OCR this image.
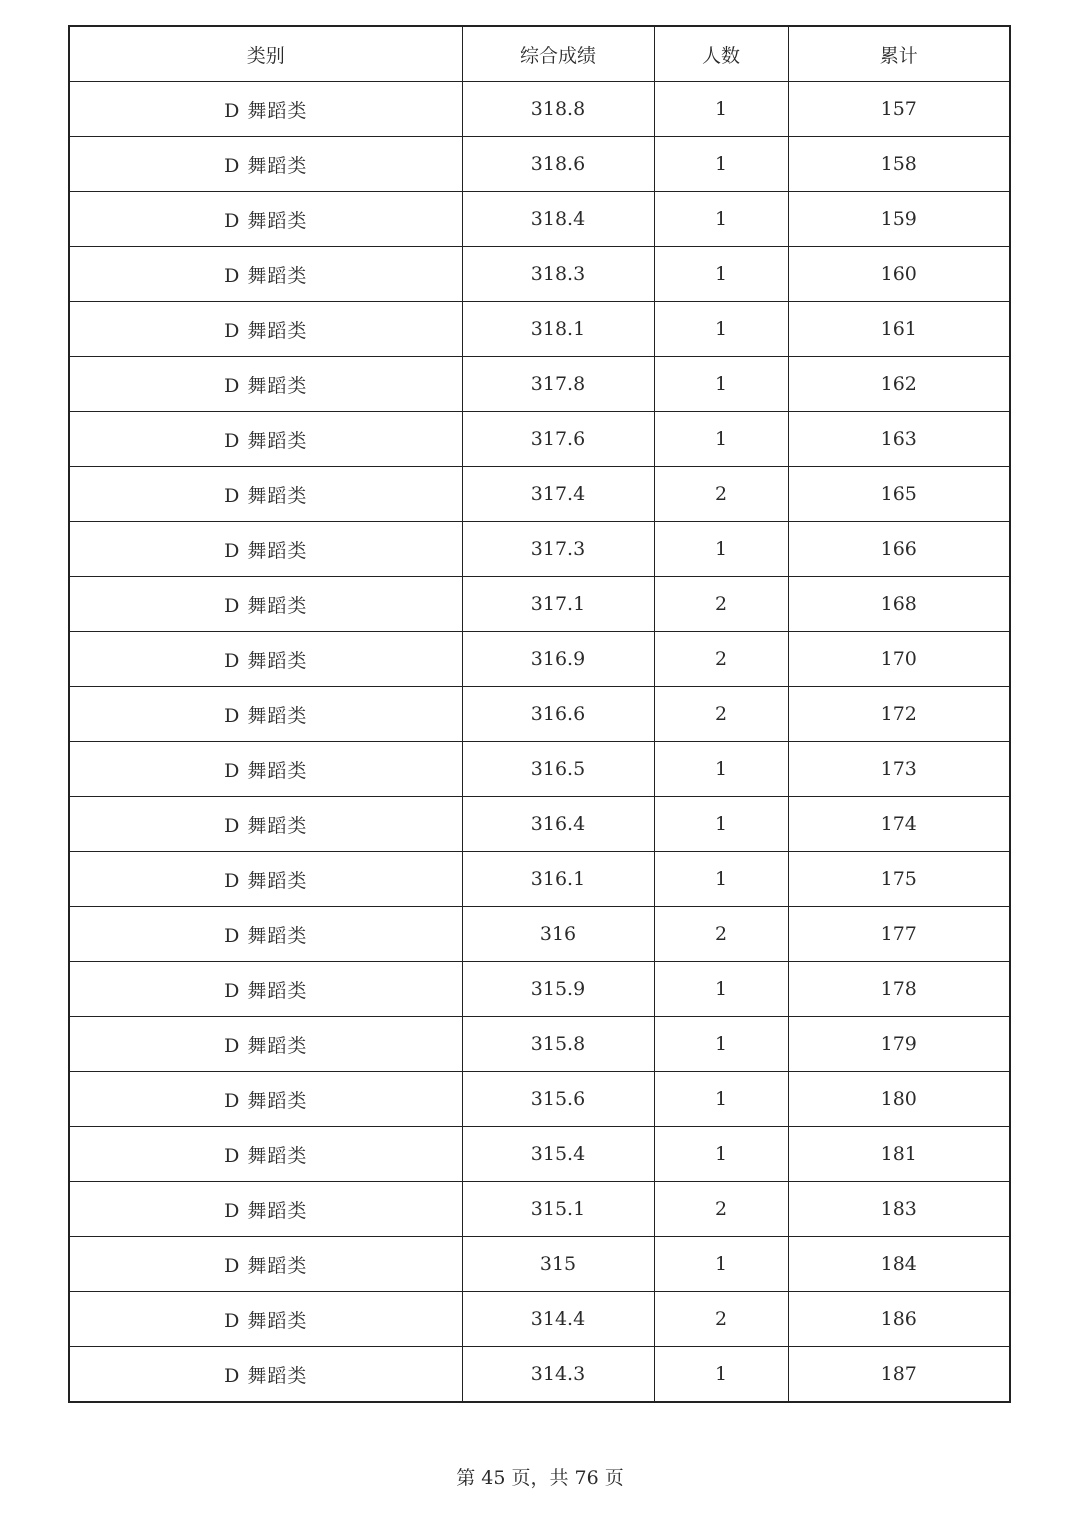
类别	综合成绩	人数	累计
D 舞蹈类	318.8	1	157
D 舞蹈类	318.6	1	158
D 舞蹈类	318.4	1	159
D 舞蹈类	318.3	1	160
D 舞蹈类	318.1	1	161
D 舞蹈类	317.8	1	162
D 舞蹈类	317.6	1	163
D 舞蹈类	317.4	2	165
D 舞蹈类	317.3	1	166
D 舞蹈类	317.1	2	168
D 舞蹈类	316.9	2	170
D 舞蹈类	316.6	2	172
D 舞蹈类	316.5	1	173
D 舞蹈类	316.4	1	174
D 舞蹈类	316.1	1	175
D 舞蹈类	316	2	177
D 舞蹈类	315.9	1	178
D 舞蹈类	315.8	1	179
D 舞蹈类	315.6	1	180
D 舞蹈类	315.4	1	181
D 舞蹈类	315.1	2	183
D 舞蹈类	315	1	184
D 舞蹈类	314.4	2	186
D 舞蹈类	314.3	1	187
第 45 页，共 76 页
